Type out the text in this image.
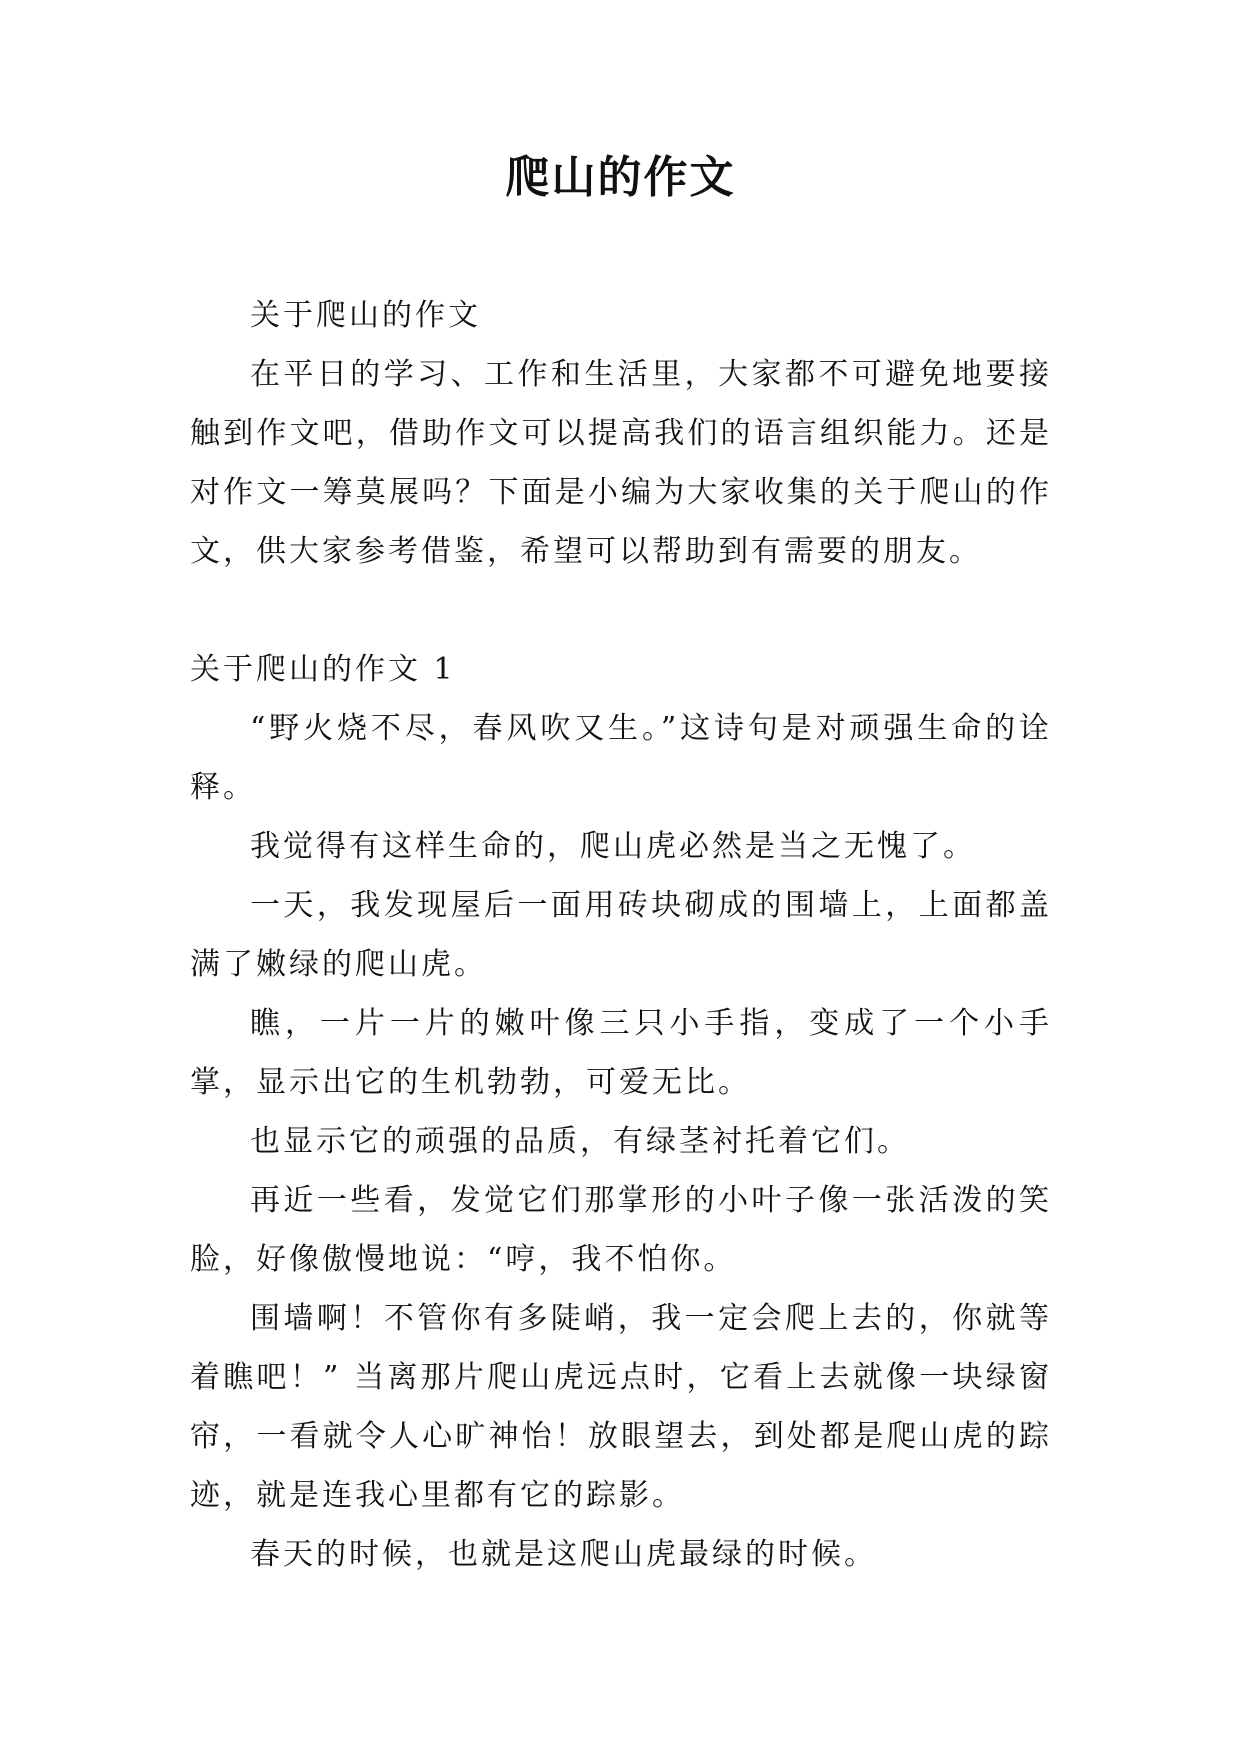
爬山的作文

关于爬山的作文

在平日的学习、工作和生活里，大家都不可避免地要接触到作文吧，借助作文可以提高我们的语言组织能力。还是对作文一筹莫展吗？下面是小编为大家收集的关于爬山的作文，供大家参考借鉴，希望可以帮助到有需要的朋友。

关于爬山的作文 1

“野火烧不尽，春风吹又生。”这诗句是对顽强生命的诠释。

我觉得有这样生命的，爬山虎必然是当之无愧了。

一天，我发现屋后一面用砖块砌成的围墙上，上面都盖满了嫩绿的爬山虎。

瞧，一片一片的嫩叶像三只小手指，变成了一个小手掌，显示出它的生机勃勃，可爱无比。

也显示它的顽强的品质，有绿茎衬托着它们。

再近一些看，发觉它们那掌形的小叶子像一张活泼的笑脸，好像傲慢地说：“哼，我不怕你。

围墙啊！不管你有多陡峭，我一定会爬上去的，你就等着瞧吧！” 当离那片爬山虎远点时，它看上去就像一块绿窗帘，一看就令人心旷神怡！放眼望去，到处都是爬山虎的踪迹，就是连我心里都有它的踪影。

春天的时候，也就是这爬山虎最绿的时候。
